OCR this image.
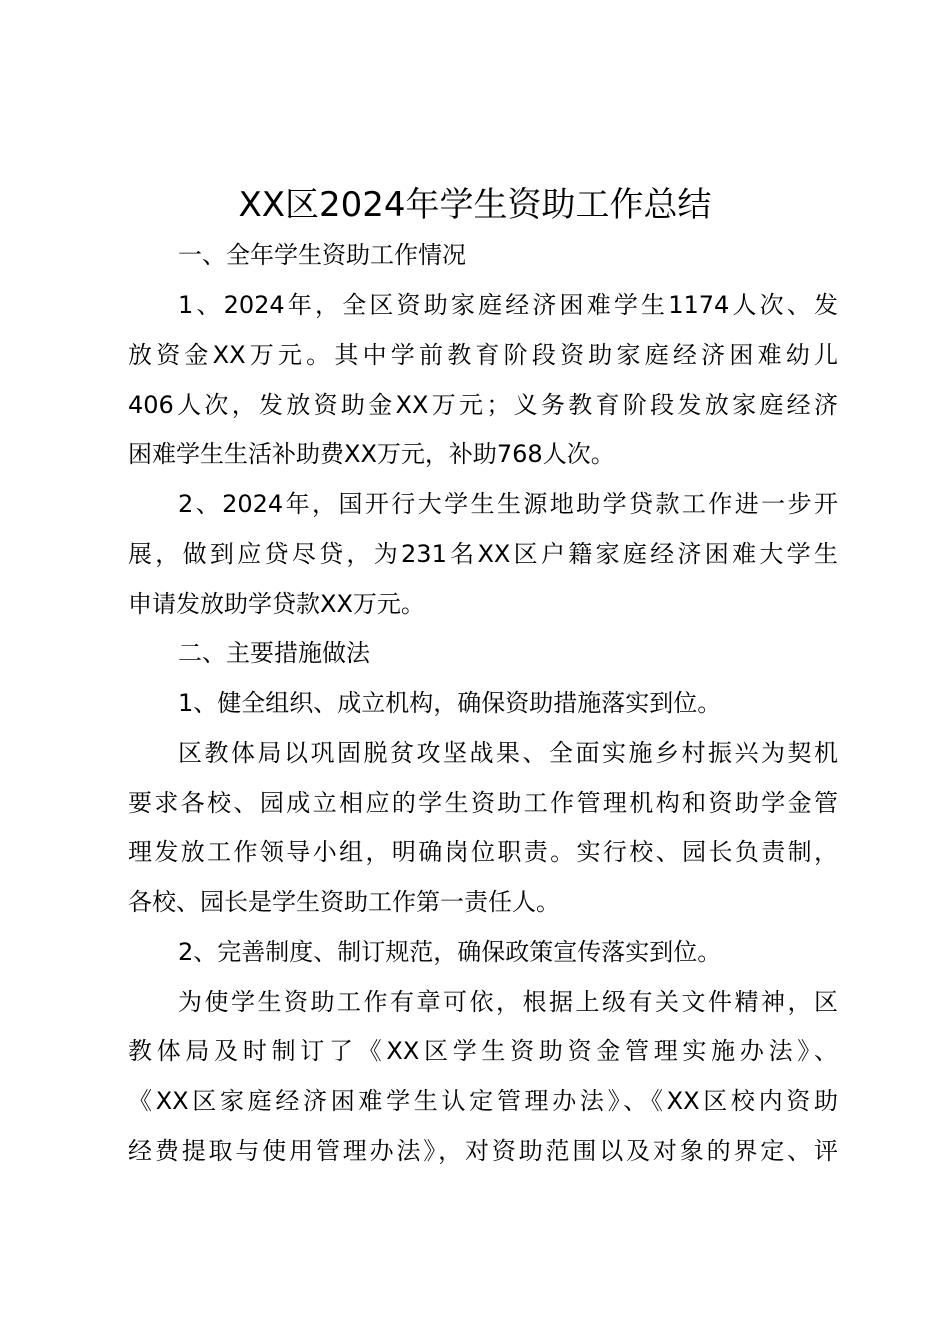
XX区2024年学生资助工作总结
一、全年学生资助工作情况
1、2024年，全区资助家庭经济困难学生1174人次、发
放资金XX万元。其中学前教育阶段资助家庭经济困难幼儿
406人次，发放资助金XX万元；义务教育阶段发放家庭经济
困难学生生活补助费XX万元，补助768人次。
2、2024年，国开行大学生生源地助学贷款工作进一步开
展，做到应贷尽贷，为231名XX区户籍家庭经济困难大学生
申请发放助学贷款XX万元。
二、主要措施做法
1、健全组织、成立机构，确保资助措施落实到位。
区教体局以巩固脱贫攻坚战果、全面实施乡村振兴为契机
要求各校、园成立相应的学生资助工作管理机构和资助学金管
理发放工作领导小组，明确岗位职责。实行校、园长负责制，
各校、园长是学生资助工作第一责任人。
2、完善制度、制订规范，确保政策宣传落实到位。
为使学生资助工作有章可依，根据上级有关文件精神，区
教体局及时制订了《XX区学生资助资金管理实施办法》、
《XX区家庭经济困难学生认定管理办法》、《XX区校内资助
经费提取与使用管理办法》，对资助范围以及对象的界定、评
